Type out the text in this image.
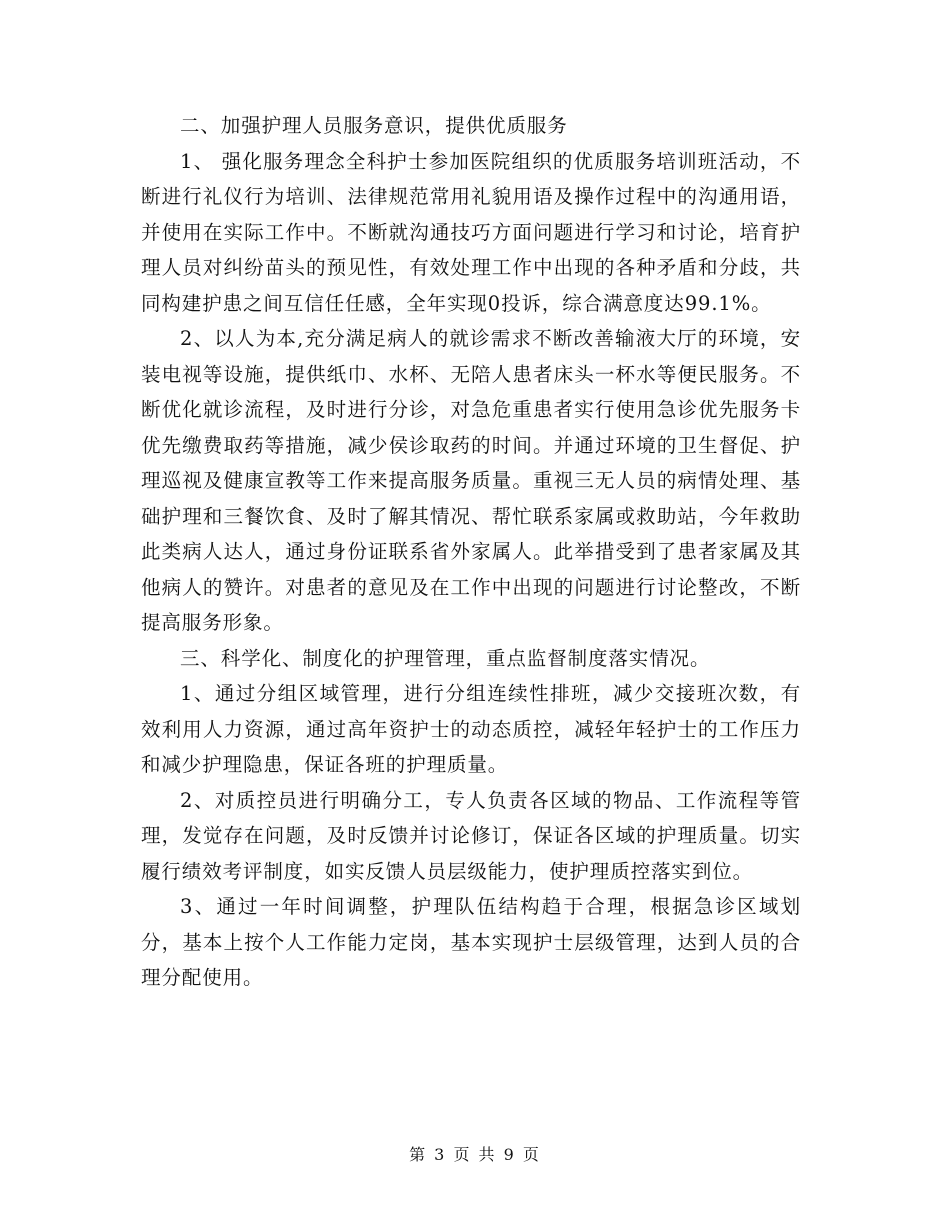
二、加强护理人员服务意识，提供优质服务

1、 强化服务理念全科护士参加医院组织的优质服务培训班活动，不断进行礼仪行为培训、法律规范常用礼貌用语及操作过程中的沟通用语，并使用在实际工作中。不断就沟通技巧方面问题进行学习和讨论，培育护理人员对纠纷苗头的预见性，有效处理工作中出现的各种矛盾和分歧，共同构建护患之间互信任任感，全年实现0投诉，综合满意度达99.1%。

2、以人为本,充分满足病人的就诊需求不断改善输液大厅的环境，安装电视等设施，提供纸巾、水杯、无陪人患者床头一杯水等便民服务。不断优化就诊流程，及时进行分诊，对急危重患者实行使用急诊优先服务卡优先缴费取药等措施，减少侯诊取药的时间。并通过环境的卫生督促、护理巡视及健康宣教等工作来提高服务质量。重视三无人员的病情处理、基础护理和三餐饮食、及时了解其情况、帮忙联系家属或救助站，今年救助此类病人达人，通过身份证联系省外家属人。此举措受到了患者家属及其他病人的赞许。对患者的意见及在工作中出现的问题进行讨论整改，不断提高服务形象。

三、科学化、制度化的护理管理，重点监督制度落实情况。

1、通过分组区域管理，进行分组连续性排班，减少交接班次数，有效利用人力资源，通过高年资护士的动态质控，减轻年轻护士的工作压力和减少护理隐患，保证各班的护理质量。

2、对质控员进行明确分工，专人负责各区域的物品、工作流程等管理，发觉存在问题，及时反馈并讨论修订，保证各区域的护理质量。切实履行绩效考评制度，如实反馈人员层级能力，使护理质控落实到位。

3、通过一年时间调整，护理队伍结构趋于合理，根据急诊区域划分，基本上按个人工作能力定岗，基本实现护士层级管理，达到人员的合理分配使用。

第 3 页 共 9 页
